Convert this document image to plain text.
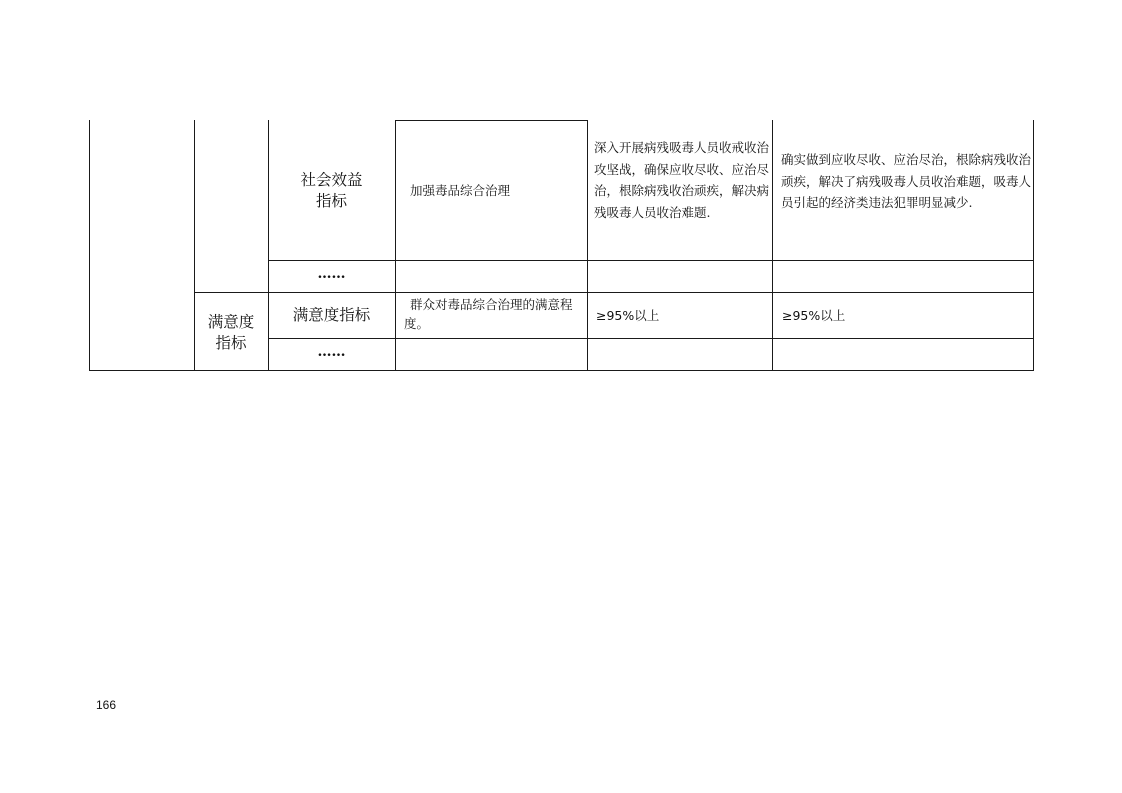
社会效益
指标
加强毒品综合治理
深入开展病残吸毒人员收戒收治攻坚战，确保应收尽收、应治尽治，根除病残收治顽疾，解决病残吸毒人员收治难题.
确实做到应收尽收、应治尽治，根除病残收治顽疾，解决了病残吸毒人员收治难题，吸毒人员引起的经济类违法犯罪明显减少.
……
满意度
指标
满意度指标
群众对毒品综合治理的满意程度。
≥95%以上	≥95%以上
……
166
